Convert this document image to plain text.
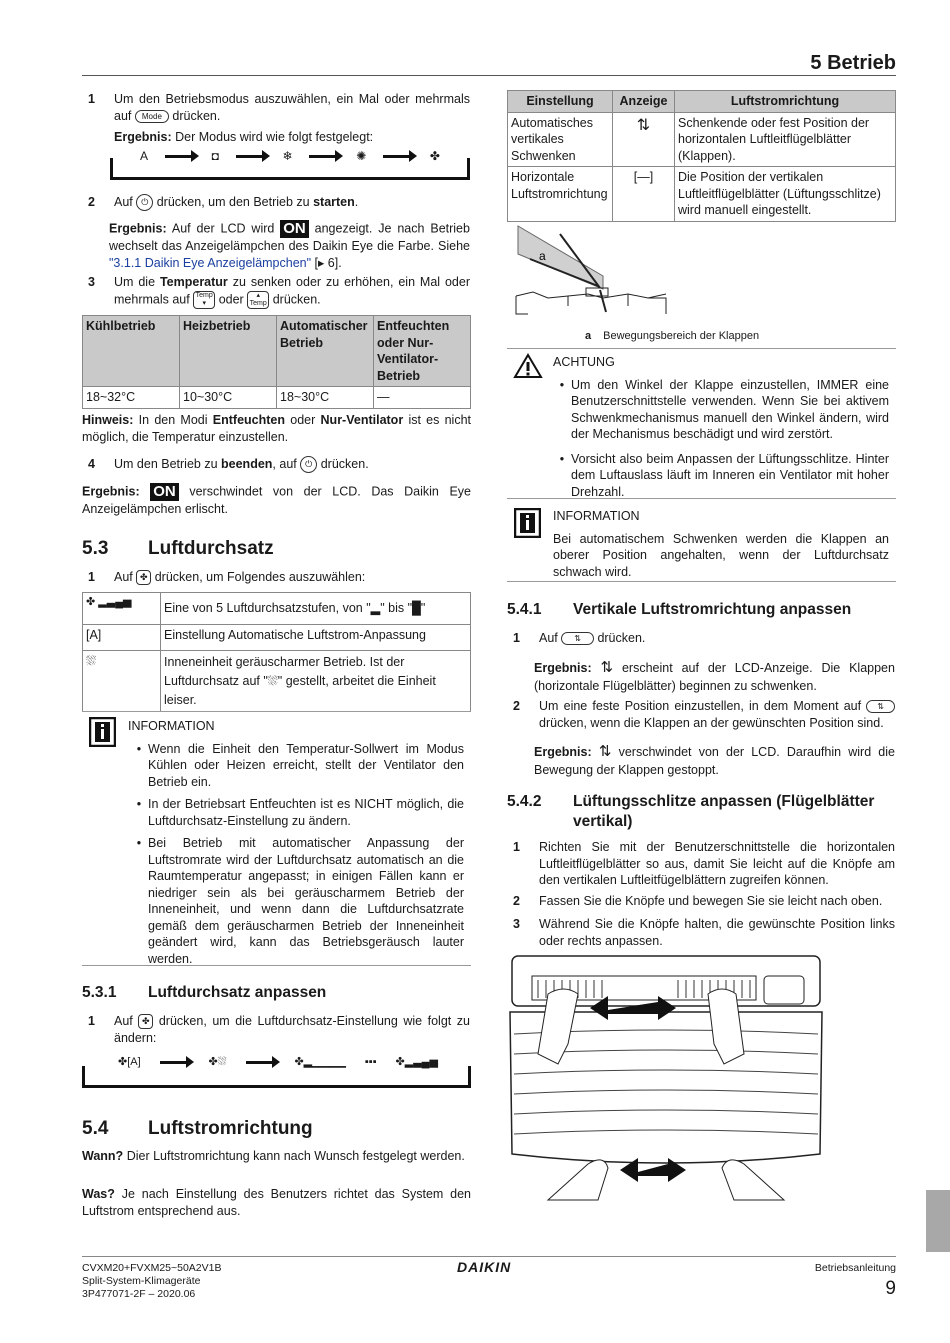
5 Betrieb
1	Um den Betriebsmodus auszuwählen, ein Mal oder mehrmals auf Mode drücken.
Ergebnis: Der Modus wird wie folgt festgelegt:
A	◘	❄	✺	✤
2	Auf ⏻ drücken, um den Betrieb zu starten.
Ergebnis: Auf der LCD wird ON angezeigt. Je nach Betrieb wechselt das Anzeigelämpchen des Daikin Eye die Farbe. Siehe "3.1.1 Daikin Eye Anzeigelämpchen" [▸ 6].
3	Um die Temperatur zu senken oder zu erhöhen, ein Mal oder mehrmals auf Temp ▾ oder ▴ Temp drücken.
Kühlbetrieb	Heizbetrieb	Automatischer Betrieb	Entfeuchten oder Nur-Ventilator-Betrieb
18~32°C	10~30°C	18~30°C	—
Hinweis: In den Modi Entfeuchten oder Nur-Ventilator ist es nicht möglich, die Temperatur einzustellen.
4	Um den Betrieb zu beenden, auf ⏻ drücken.
Ergebnis: ON verschwindet von der LCD. Das Daikin Eye Anzeigelämpchen erlischt.
5.3 Luftdurchsatz
1	Auf ✤ drücken, um Folgendes auszuwählen:
✤ ▂▃▄▅	Eine von 5 Luftdurchsatzstufen, von "▂" bis "█"
[A]	Einstellung Automatische Luftstrom-Anpassung
⛆	Inneneinheit geräuscharmer Betrieb. Ist der Luftdurchsatz auf "⛆" gestellt, arbeitet die Einheit leiser.
INFORMATION
• Wenn die Einheit den Temperatur-Sollwert im Modus Kühlen oder Heizen erreicht, stellt der Ventilator den Betrieb ein.
• In der Betriebsart Entfeuchten ist es NICHT möglich, die Luftdurchsatz-Einstellung zu ändern.
• Bei Betrieb mit automatischer Anpassung der Luftstromrate wird der Luftdurchsatz automatisch an die Raumtemperatur angepasst; in einigen Fällen kann er niedriger sein als bei geräuscharmem Betrieb der Inneneinheit, und wenn dann die Luftdurchsatzrate gemäß dem geräuscharmen Betrieb der Inneneinheit geändert wird, kann das Betriebsgeräusch lauter werden.
5.3.1 Luftdurchsatz anpassen
1	Auf ✤ drücken, um die Luftdurchsatz-Einstellung wie folgt zu ändern:
✤[A]	✤⛆	✤▂▁▁▁▁ ▪▪▪ ✤▂▃▄▅
5.4 Luftstromrichtung
Wann? Dier Luftstromrichtung kann nach Wunsch festgelegt werden.
Was? Je nach Einstellung des Benutzers richtet das System den Luftstrom entsprechend aus.
Einstellung	Anzeige	Luftstromrichtung
Automatisches vertikales Schwenken	⇅	Schenkende oder fest Position der horizontalen Luftleitflügelblätter (Klappen).
Horizontale Luftstromrichtung	[—]	Die Position der vertikalen Luftleitflügelblätter (Lüftungsschlitze) wird manuell eingestellt.
a
a Bewegungsbereich der Klappen
ACHTUNG
• Um den Winkel der Klappe einzustellen, IMMER eine Benutzerschnittstelle verwenden. Wenn Sie bei aktivem Schwenkmechanismus manuell den Winkel ändern, wird der Mechanismus beschädigt und wird zerstört.
• Vorsicht also beim Anpassen der Lüftungsschlitze. Hinter dem Luftauslass läuft im Inneren ein Ventilator mit hoher Drehzahl.
INFORMATION
Bei automatischem Schwenken werden die Klappen an oberer Position angehalten, wenn der Luftdurchsatz schwach wird.
5.4.1 Vertikale Luftstromrichtung anpassen
1	Auf ⇅ drücken.
Ergebnis: ⇅ erscheint auf der LCD-Anzeige. Die Klappen (horizontale Flügelblätter) beginnen zu schwenken.
2	Um eine feste Position einzustellen, in dem Moment auf ⇅ drücken, wenn die Klappen an der gewünschten Position sind.
Ergebnis: ⇅ verschwindet von der LCD. Daraufhin wird die Bewegung der Klappen gestoppt.
5.4.2	Lüftungsschlitze anpassen (Flügelblätter vertikal)
1	Richten Sie mit der Benutzerschnittstelle die horizontalen Luftleitflügelblätter so aus, damit Sie leicht auf die Knöpfe am den vertikalen Luftleitfügelblättern zugreifen können.
2	Fassen Sie die Knöpfe und bewegen Sie sie leicht nach oben.
3	Während Sie die Knöpfe halten, die gewünschte Position links oder rechts anpassen.
CVXM20+FVXM25~50A2V1B
Split-System-Klimageräte
3P477071-2F – 2020.06
DAIKIN	Betriebsanleitung
9
